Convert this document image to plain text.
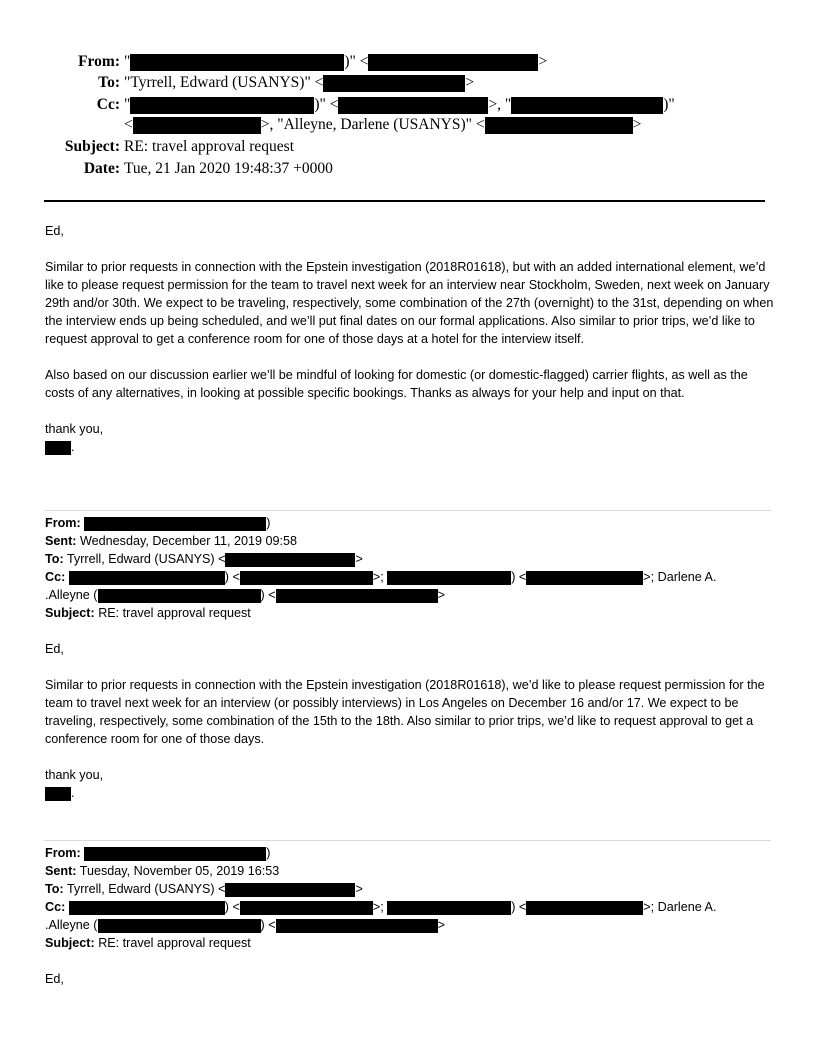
From: "	)" <	>
To: "Tyrrell, Edward (USANYS)" <	>
Cc: "	)" <	>, "	)"
<	>, "Alleyne, Darlene (USANYS)" <	>
Subject: RE: travel approval request
Date: Tue, 21 Jan 2020 19:48:37 +0000

Ed,

Similar to prior requests in connection with the Epstein investigation (2018R01618), but with an added international element, we’d like to please request permission for the team to travel next week for an interview near Stockholm, Sweden, next week on January 29th and/or 30th. We expect to be traveling, respectively, some combination of the 27th (overnight) to the 31st, depending on when the interview ends up being scheduled, and we’ll put final dates on our formal applications. Also similar to prior trips, we’d like to request approval to get a conference room for one of those days at a hotel for the interview itself.

Also based on our discussion earlier we’ll be mindful of looking for domestic (or domestic-flagged) carrier flights, as well as the costs of any alternatives, in looking at possible specific bookings. Thanks as always for your help and input on that.

thank you,

.

From:	)
Sent: Wednesday, December 11, 2019 09:58
To: Tyrrell, Edward (USANYS) <	>
Cc:	) <	>;	) <	>; Darlene A.
.Alleyne (	) <	>
Subject: RE: travel approval request

Ed,

Similar to prior requests in connection with the Epstein investigation (2018R01618), we’d like to please request permission for the team to travel next week for an interview (or possibly interviews) in Los Angeles on December 16 and/or 17. We expect to be traveling, respectively, some combination of the 15th to the 18th. Also similar to prior trips, we’d like to request approval to get a conference room for one of those days.

thank you,

.

From:	)
Sent: Tuesday, November 05, 2019 16:53
To: Tyrrell, Edward (USANYS) <	>
Cc:	) <	>;	) <	>; Darlene A.
.Alleyne (	) <	>
Subject: RE: travel approval request

Ed,
